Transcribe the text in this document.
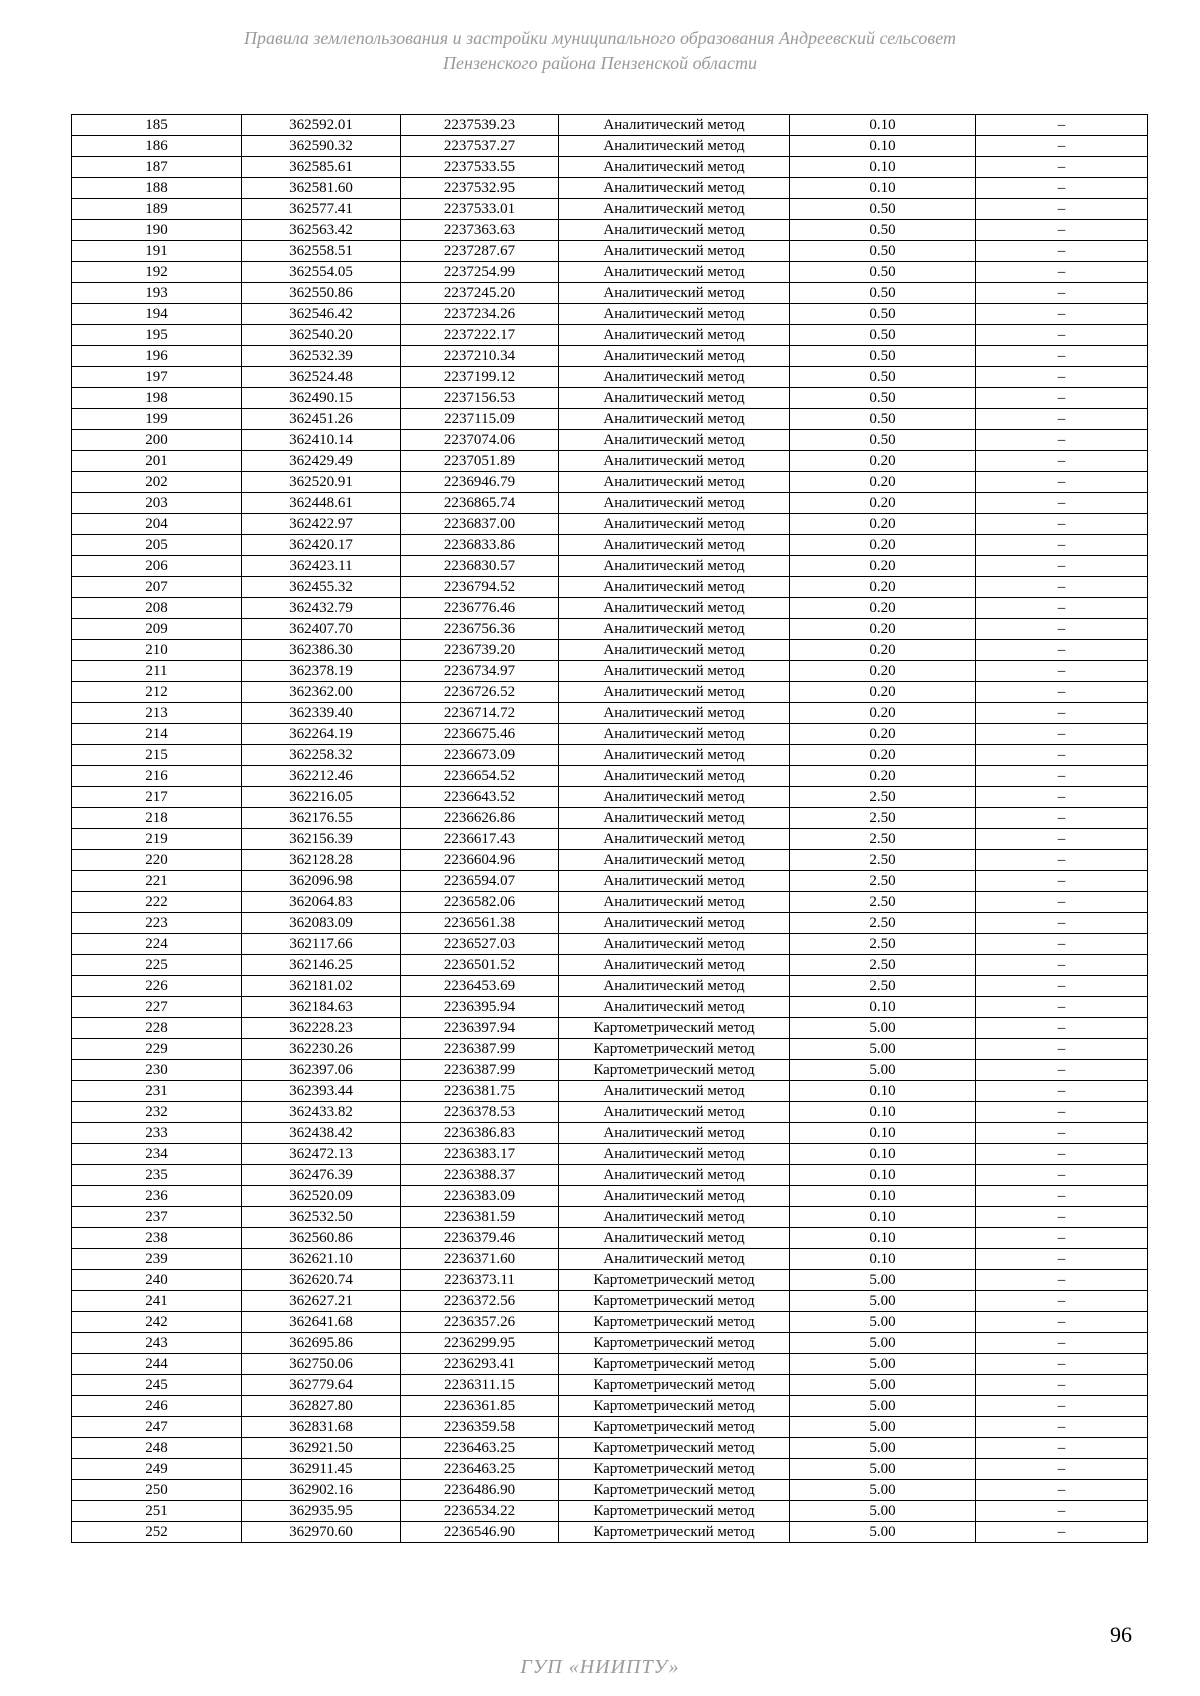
Правила землепользования и застройки муниципального образования Андреевский сельсовет
Пензенского района Пензенской области
185	362592.01	2237539.23	Аналитический метод	0.10	–
186	362590.32	2237537.27	Аналитический метод	0.10	–
187	362585.61	2237533.55	Аналитический метод	0.10	–
188	362581.60	2237532.95	Аналитический метод	0.10	–
189	362577.41	2237533.01	Аналитический метод	0.50	–
190	362563.42	2237363.63	Аналитический метод	0.50	–
191	362558.51	2237287.67	Аналитический метод	0.50	–
192	362554.05	2237254.99	Аналитический метод	0.50	–
193	362550.86	2237245.20	Аналитический метод	0.50	–
194	362546.42	2237234.26	Аналитический метод	0.50	–
195	362540.20	2237222.17	Аналитический метод	0.50	–
196	362532.39	2237210.34	Аналитический метод	0.50	–
197	362524.48	2237199.12	Аналитический метод	0.50	–
198	362490.15	2237156.53	Аналитический метод	0.50	–
199	362451.26	2237115.09	Аналитический метод	0.50	–
200	362410.14	2237074.06	Аналитический метод	0.50	–
201	362429.49	2237051.89	Аналитический метод	0.20	–
202	362520.91	2236946.79	Аналитический метод	0.20	–
203	362448.61	2236865.74	Аналитический метод	0.20	–
204	362422.97	2236837.00	Аналитический метод	0.20	–
205	362420.17	2236833.86	Аналитический метод	0.20	–
206	362423.11	2236830.57	Аналитический метод	0.20	–
207	362455.32	2236794.52	Аналитический метод	0.20	–
208	362432.79	2236776.46	Аналитический метод	0.20	–
209	362407.70	2236756.36	Аналитический метод	0.20	–
210	362386.30	2236739.20	Аналитический метод	0.20	–
211	362378.19	2236734.97	Аналитический метод	0.20	–
212	362362.00	2236726.52	Аналитический метод	0.20	–
213	362339.40	2236714.72	Аналитический метод	0.20	–
214	362264.19	2236675.46	Аналитический метод	0.20	–
215	362258.32	2236673.09	Аналитический метод	0.20	–
216	362212.46	2236654.52	Аналитический метод	0.20	–
217	362216.05	2236643.52	Аналитический метод	2.50	–
218	362176.55	2236626.86	Аналитический метод	2.50	–
219	362156.39	2236617.43	Аналитический метод	2.50	–
220	362128.28	2236604.96	Аналитический метод	2.50	–
221	362096.98	2236594.07	Аналитический метод	2.50	–
222	362064.83	2236582.06	Аналитический метод	2.50	–
223	362083.09	2236561.38	Аналитический метод	2.50	–
224	362117.66	2236527.03	Аналитический метод	2.50	–
225	362146.25	2236501.52	Аналитический метод	2.50	–
226	362181.02	2236453.69	Аналитический метод	2.50	–
227	362184.63	2236395.94	Аналитический метод	0.10	–
228	362228.23	2236397.94	Картометрический метод	5.00	–
229	362230.26	2236387.99	Картометрический метод	5.00	–
230	362397.06	2236387.99	Картометрический метод	5.00	–
231	362393.44	2236381.75	Аналитический метод	0.10	–
232	362433.82	2236378.53	Аналитический метод	0.10	–
233	362438.42	2236386.83	Аналитический метод	0.10	–
234	362472.13	2236383.17	Аналитический метод	0.10	–
235	362476.39	2236388.37	Аналитический метод	0.10	–
236	362520.09	2236383.09	Аналитический метод	0.10	–
237	362532.50	2236381.59	Аналитический метод	0.10	–
238	362560.86	2236379.46	Аналитический метод	0.10	–
239	362621.10	2236371.60	Аналитический метод	0.10	–
240	362620.74	2236373.11	Картометрический метод	5.00	–
241	362627.21	2236372.56	Картометрический метод	5.00	–
242	362641.68	2236357.26	Картометрический метод	5.00	–
243	362695.86	2236299.95	Картометрический метод	5.00	–
244	362750.06	2236293.41	Картометрический метод	5.00	–
245	362779.64	2236311.15	Картометрический метод	5.00	–
246	362827.80	2236361.85	Картометрический метод	5.00	–
247	362831.68	2236359.58	Картометрический метод	5.00	–
248	362921.50	2236463.25	Картометрический метод	5.00	–
249	362911.45	2236463.25	Картометрический метод	5.00	–
250	362902.16	2236486.90	Картометрический метод	5.00	–
251	362935.95	2236534.22	Картометрический метод	5.00	–
252	362970.60	2236546.90	Картометрический метод	5.00	–
96
ГУП «НИИПТУ»
